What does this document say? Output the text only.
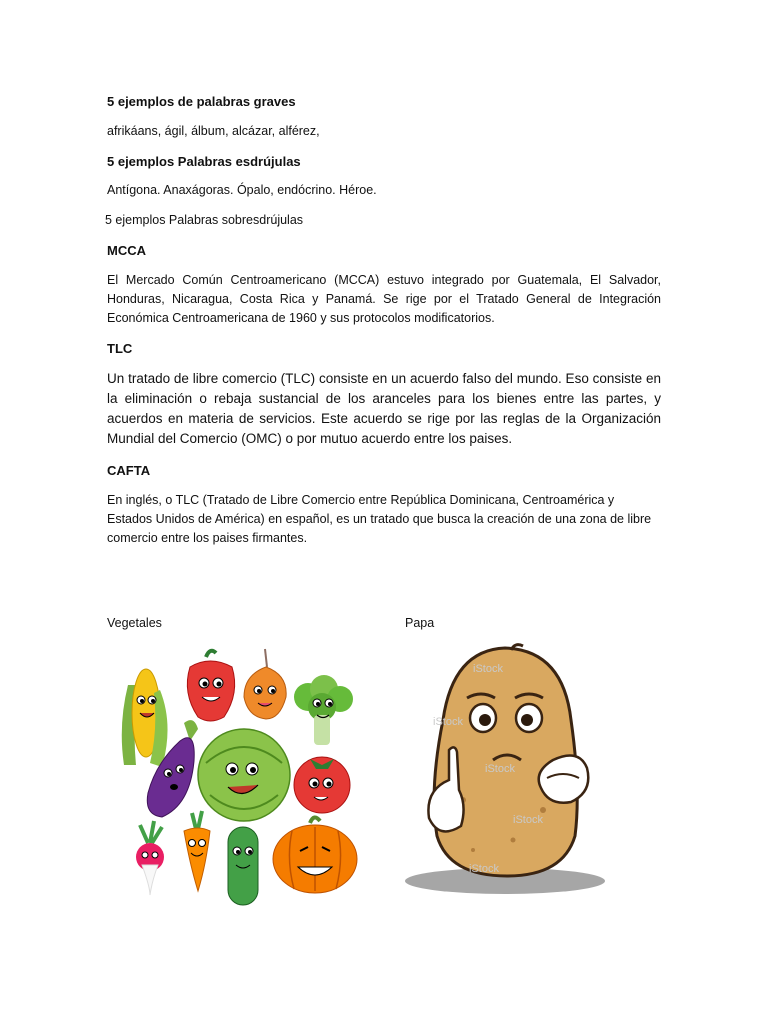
5 ejemplos de palabras graves
afrikáans, ágil, álbum, alcázar, alférez,
5 ejemplos Palabras esdrújulas
Antígona. Anaxágoras. Ópalo, endócrino. Héroe.
5 ejemplos Palabras sobresdrújulas
MCCA
El Mercado Común Centroamericano (MCCA) estuvo integrado por Guatemala, El Salvador, Honduras, Nicaragua, Costa Rica y Panamá. Se rige por el Tratado General de Integración Económica Centroamericana de 1960 y sus protocolos modificatorios.
TLC
Un tratado de libre comercio (TLC) consiste en un acuerdo falso del mundo. Eso consiste en la eliminación o rebaja sustancial de los aranceles para los bienes entre las partes, y acuerdos en materia de servicios. Este acuerdo se rige por las reglas de la Organización Mundial del Comercio (OMC) o por mutuo acuerdo entre los paises.
CAFTA
En inglés, o TLC (Tratado de Libre Comercio entre República Dominicana, Centroamérica y Estados Unidos de América) en español, es un tratado que busca la creación de una zona de libre comercio entre los paises firmantes.
Vegetales	Papa
iStock
iStock
iStock
iStock
iStock
